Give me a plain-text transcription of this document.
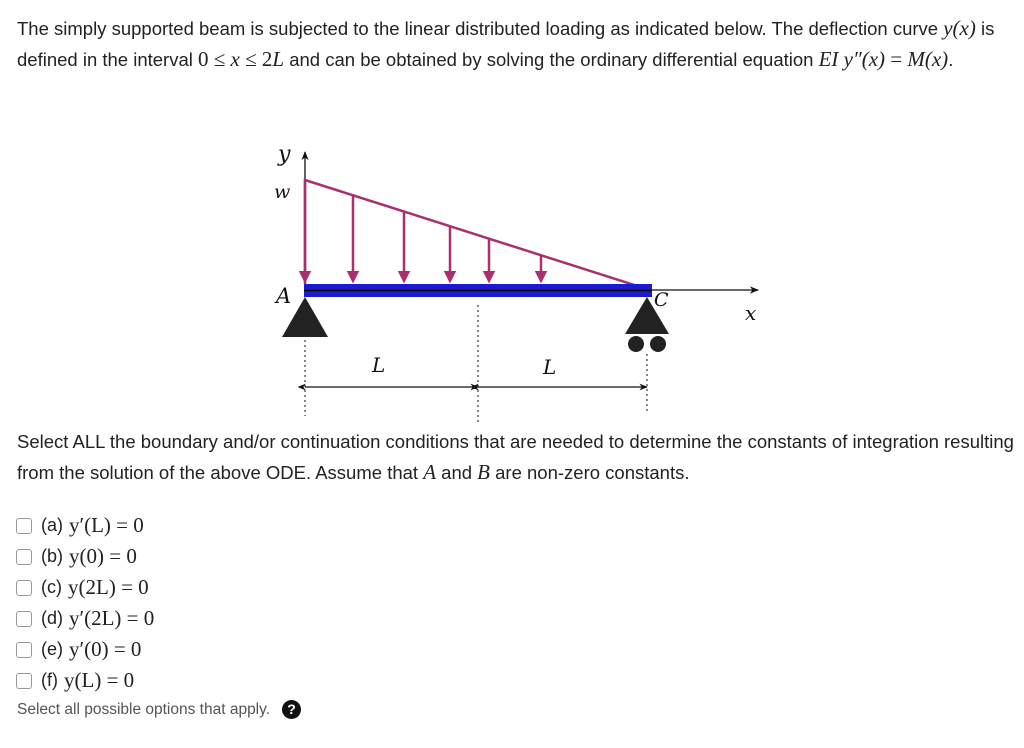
The simply supported beam is subjected to the linear distributed loading as indicated below. The deflection curve y(x) is defined in the interval 0 ≤ x ≤ 2L and can be obtained by solving the ordinary differential equation EI y″(x) = M(x).
y
w
x
A	C
L	L
Select ALL the boundary and/or continuation conditions that are needed to determine the constants of integration resulting from the solution of the above ODE. Assume that A and B are non-zero constants.
(a) y′(L) = 0
(b) y(0) = 0
(c) y(2L) = 0
(d) y′(2L) = 0
(e) y′(0) = 0
(f) y(L) = 0
Select all possible options that apply.	?
